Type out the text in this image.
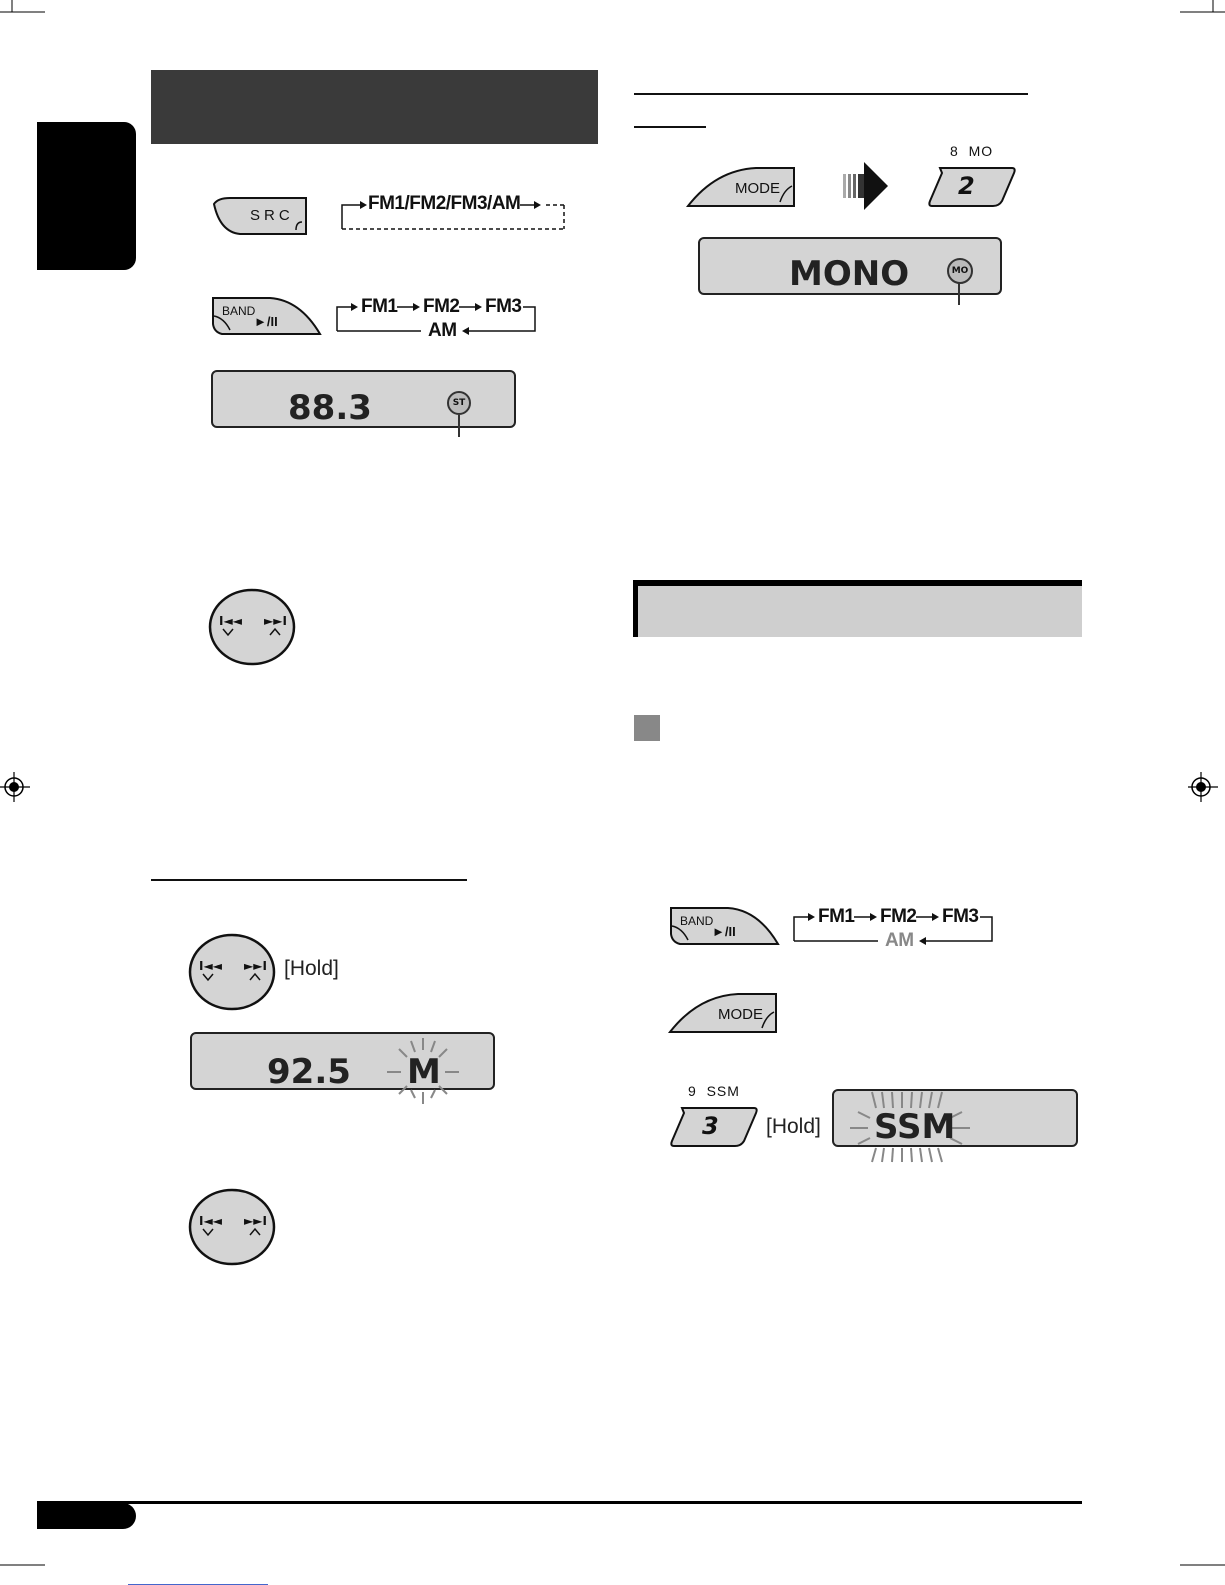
SRC
FM1/FM2/FM3/AM
BAND
►/II
FM1 FM2 FM3
AM
88.3	ST
I◄◄ ►►I
I◄◄ ►►I [Hold]
92.5 M
I◄◄ ►►I
MODE
8  MO
2
MONO	MO
BAND
►/II
FM1 FM2 FM3
AM
MODE
9  SSM
3 [Hold] SSM
